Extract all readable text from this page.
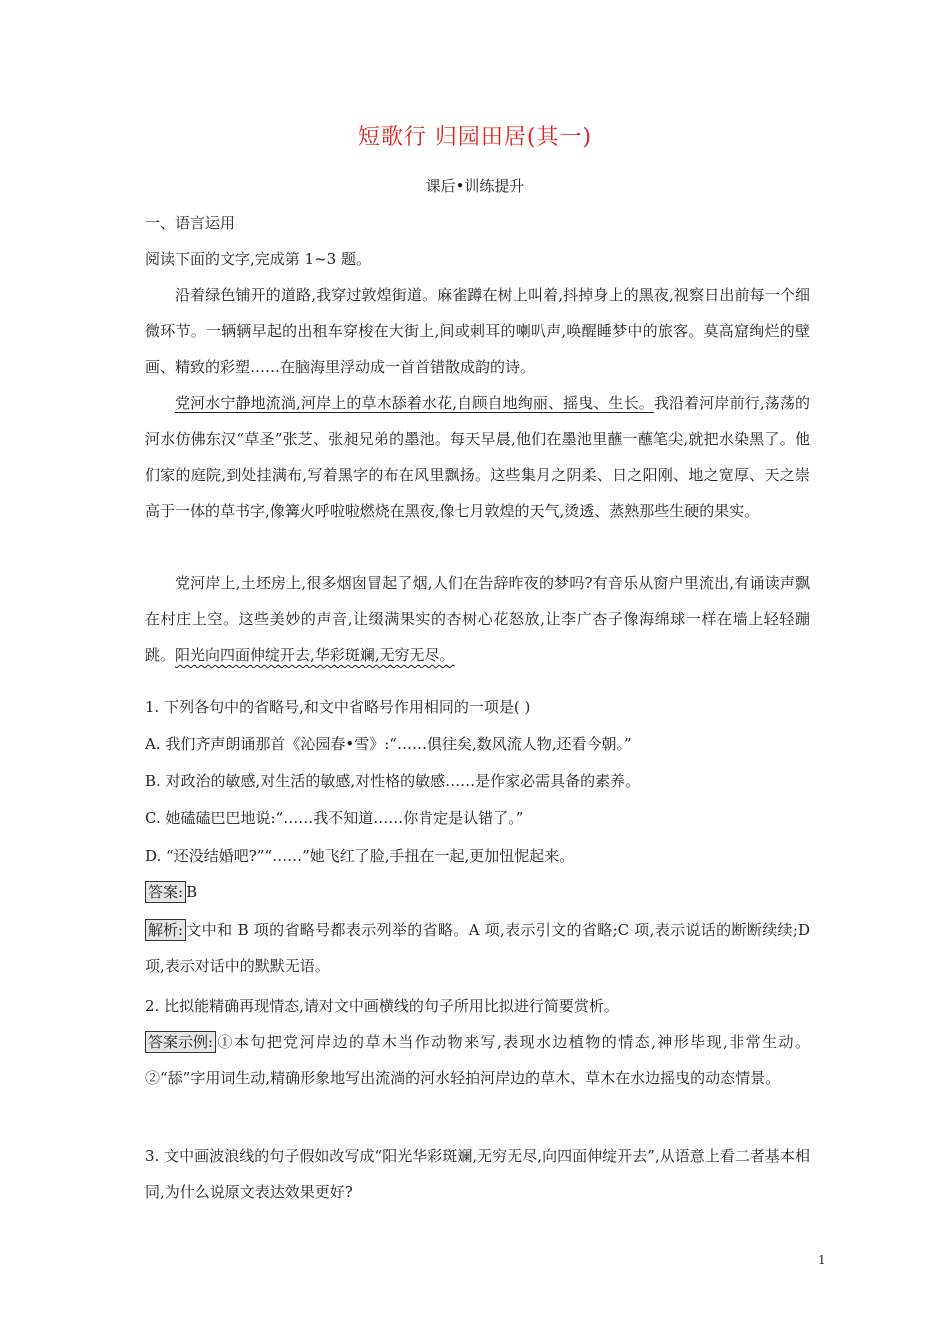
短歌行 归园田居(其一)
课后•训练提升
一、语言运用
阅读下面的文字,完成第 1~3 题。

沿着绿色铺开的道路,我穿过敦煌街道。麻雀蹲在树上叫着,抖掉身上的黑夜,视察日出前每一个细微环节。一辆辆早起的出租车穿梭在大街上,间或刺耳的喇叭声,唤醒睡梦中的旅客。莫高窟绚烂的壁画、精致的彩塑……在脑海里浮动成一首首错散成韵的诗。

党河水宁静地流淌,河岸上的草木舔着水花,自顾自地绚丽、摇曳、生长。我沿着河岸前行,荡荡的河水仿佛东汉“草圣”张芝、张昶兄弟的墨池。每天早晨,他们在墨池里蘸一蘸笔尖,就把水染黑了。他们家的庭院,到处挂满布,写着黑字的布在风里飘扬。这些集月之阴柔、日之阳刚、地之宽厚、天之崇高于一体的草书字,像篝火呼啦啦燃烧在黑夜,像七月敦煌的天气,烫透、蒸熟那些生硬的果实。

党河岸上,土坯房上,很多烟囱冒起了烟,人们在告辞昨夜的梦吗?有音乐从窗户里流出,有诵读声飘在村庄上空。这些美妙的声音,让缀满果实的杏树心花怒放,让李广杏子像海绵球一样在墙上轻轻蹦跳。阳光向四面伸绽开去,华彩斑斓,无穷无尽。

1. 下列各句中的省略号,和文中省略号作用相同的一项是( )
A. 我们齐声朗诵那首《沁园春•雪》:“……俱往矣,数风流人物,还看今朝。”
B. 对政治的敏感,对生活的敏感,对性格的敏感……是作家必需具备的素养。
C. 她磕磕巴巴地说:“……我不知道……你肯定是认错了。”
D. “还没结婚吧?”“……”她飞红了脸,手扭在一起,更加忸怩起来。
答案: B

解析: 文中和 B 项的省略号都表示列举的省略。A 项,表示引文的省略;C 项,表示说话的断断续续;D 项,表示对话中的默默无语。

2. 比拟能精确再现情态,请对文中画横线的句子所用比拟进行简要赏析。

答案示例: ①本句把党河岸边的草木当作动物来写,表现水边植物的情态,神形毕现,非常生动。②“舔”字用词生动,精确形象地写出流淌的河水轻拍河岸边的草木、草木在水边摇曳的动态情景。

3. 文中画波浪线的句子假如改写成“阳光华彩斑斓,无穷无尽,向四面伸绽开去”,从语意上看二者基本相同,为什么说原文表达效果更好?

1
